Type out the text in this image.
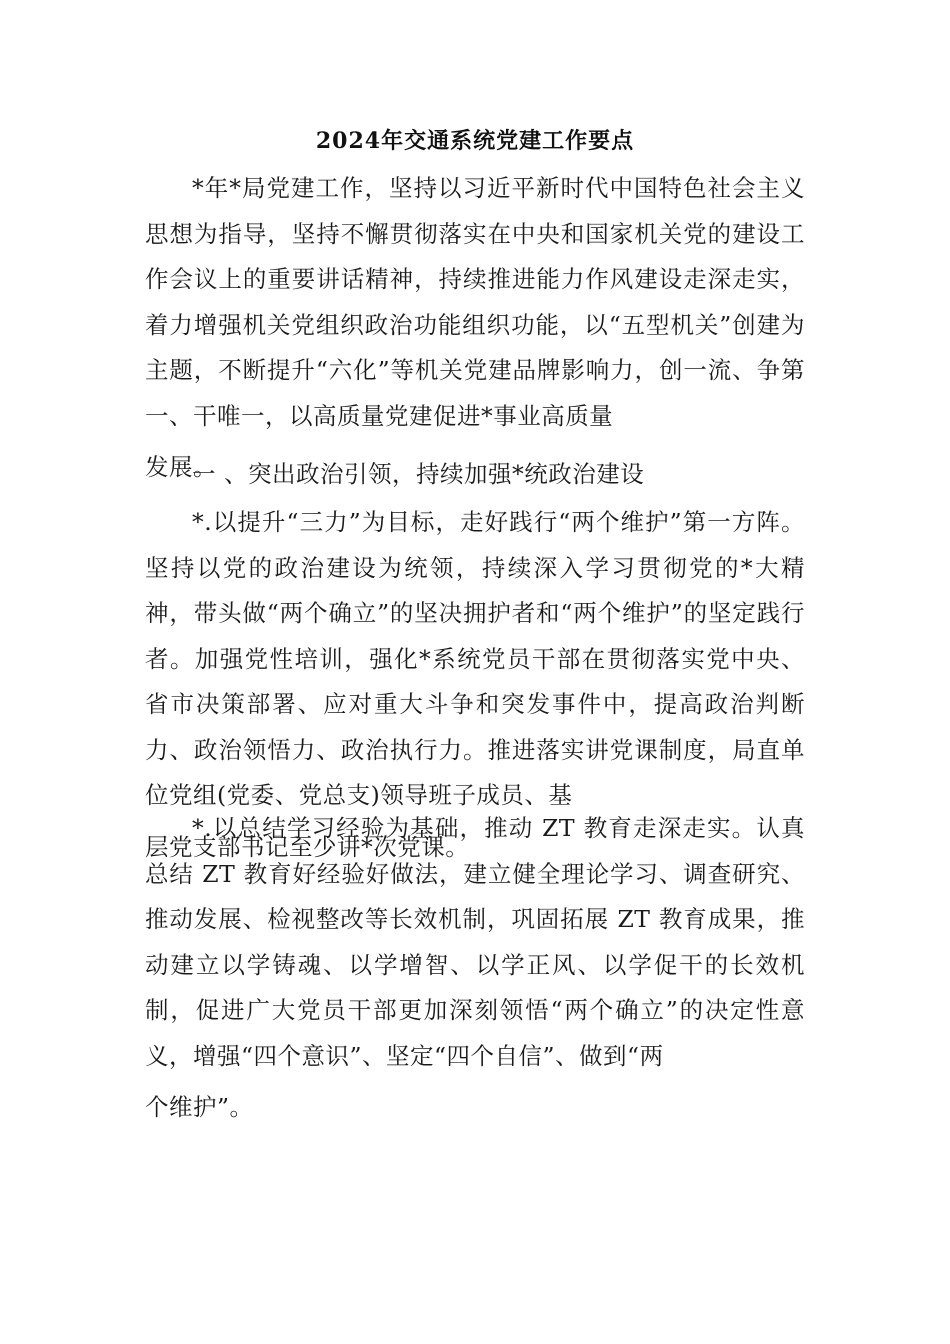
2024年交通系统党建工作要点
*年*局党建工作，坚持以习近平新时代中国特色社会主义思想为指导，坚持不懈贯彻落实在中央和国家机关党的建设工作会议上的重要讲话精神，持续推进能力作风建设走深走实，着力增强机关党组织政治功能组织功能，以“五型机关”创建为主题，不断提升“六化”等机关党建品牌影响力，创一流、争第一、干唯一，以高质量党建促进*事业高质量
发展。
一 、突出政治引领，持续加强*统政治建设
*.以提升“三力”为目标，走好践行“两个维护”第一方阵。坚持以党的政治建设为统领，持续深入学习贯彻党的*大精神，带头做“两个确立”的坚决拥护者和“两个维护”的坚定践行者。加强党性培训，强化*系统党员干部在贯彻落实党中央、省市决策部署、应对重大斗争和突发事件中，提高政治判断力、政治领悟力、政治执行力。推进落实讲党课制度，局直单位党组(党委、党总支)领导班子成员、基
层党支部书记至少讲*次党课。
*.以总结学习经验为基础，推动 ZT 教育走深走实。认真总结 ZT 教育好经验好做法，建立健全理论学习、调查研究、推动发展、检视整改等长效机制，巩固拓展 ZT 教育成果，推动建立以学铸魂、以学增智、以学正风、以学促干的长效机制，促进广大党员干部更加深刻领悟“两个确立”的决定性意义，增强“四个意识”、坚定“四个自信”、做到“两
个维护”。
